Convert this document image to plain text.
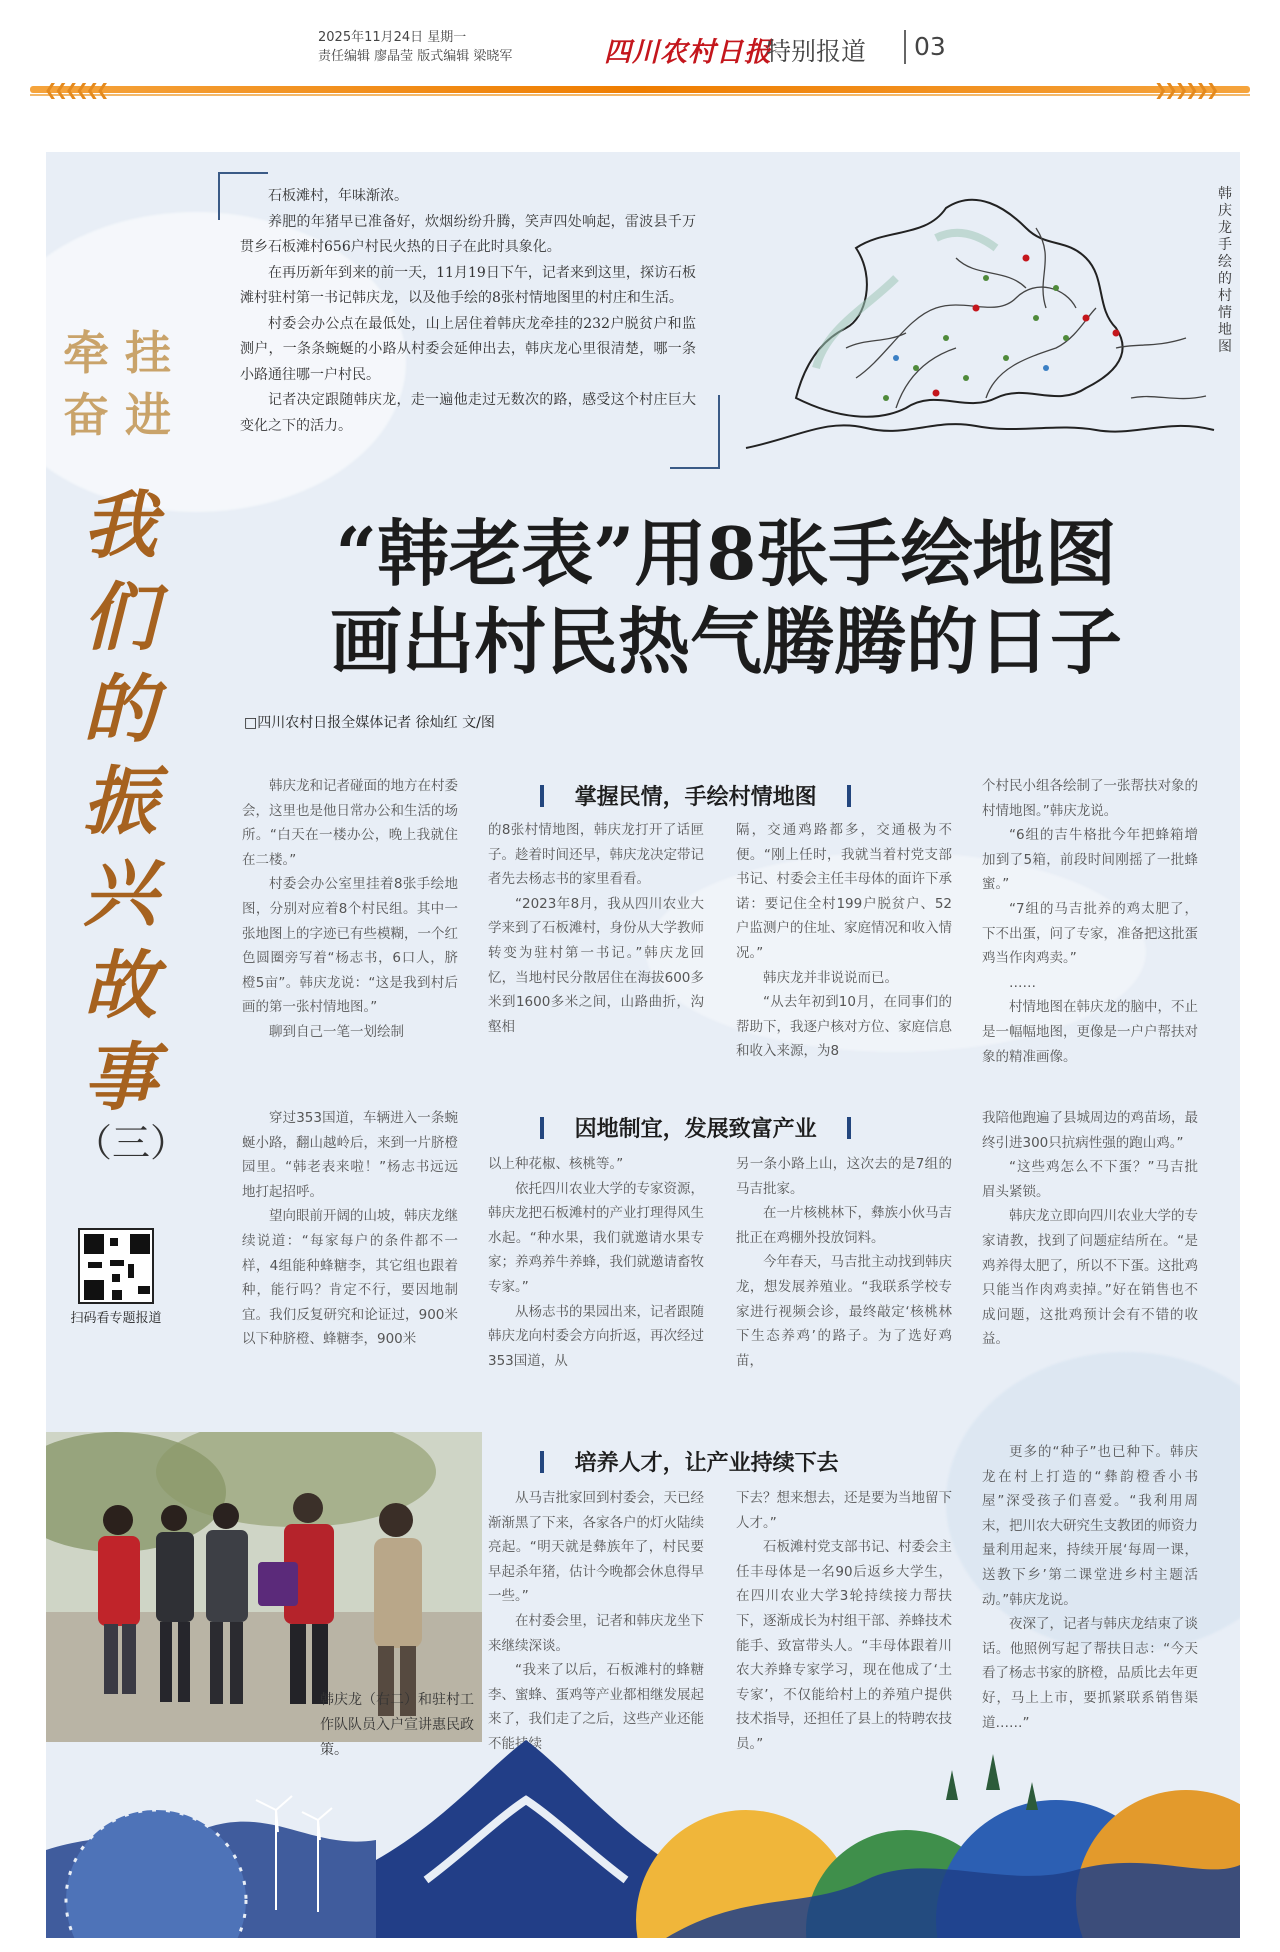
2025年11月24日 星期一
责任编辑 廖晶莹 版式编辑 梁晓军	四川农村日报
特别报道 03
❮❮❮❮❮❮	❯❯❯❯❯❯
牵 挂
奋 进
我们的振兴故事
（三）
扫码看专题报道

石板滩村，年味渐浓。

养肥的年猪早已准备好，炊烟纷纷升腾，笑声四处响起，雷波县千万贯乡石板滩村656户村民火热的日子在此时具象化。

在再历新年到来的前一天，11月19日下午，记者来到这里，探访石板滩村驻村第一书记韩庆龙，以及他手绘的8张村情地图里的村庄和生活。

村委会办公点在最低处，山上居住着韩庆龙牵挂的232户脱贫户和监测户，一条条蜿蜒的小路从村委会延伸出去，韩庆龙心里很清楚，哪一条小路通往哪一户村民。

记者决定跟随韩庆龙，走一遍他走过无数次的路，感受这个村庄巨大变化之下的活力。

韩庆龙手绘的村情地图
“韩老表”用8张手绘地图
画出村民热气腾腾的日子
□四川农村日报全媒体记者 徐灿红 文/图
掌握民情，手绘村情地图

韩庆龙和记者碰面的地方在村委会，这里也是他日常办公和生活的场所。“白天在一楼办公，晚上我就住在二楼。”

村委会办公室里挂着8张手绘地图，分别对应着8个村民组。其中一张地图上的字迹已有些模糊，一个红色圆圈旁写着“杨志书，6口人，脐橙5亩”。韩庆龙说：“这是我到村后画的第一张村情地图。”

聊到自己一笔一划绘制

的8张村情地图，韩庆龙打开了话匣子。趁着时间还早，韩庆龙决定带记者先去杨志书的家里看看。

“2023年8月，我从四川农业大学来到了石板滩村，身份从大学教师转变为驻村第一书记。”韩庆龙回忆，当地村民分散居住在海拔600多米到1600多米之间，山路曲折，沟壑相

隔，交通鸡路都多，交通极为不便。“刚上任时，我就当着村党支部书记、村委会主任丰母体的面许下承诺：要记住全村199户脱贫户、52户监测户的住址、家庭情况和收入情况。”

韩庆龙并非说说而已。

“从去年初到10月，在同事们的帮助下，我逐户核对方位、家庭信息和收入来源，为8

个村民小组各绘制了一张帮扶对象的村情地图。”韩庆龙说。

“6组的吉牛格批今年把蜂箱增加到了5箱，前段时间刚摇了一批蜂蜜。”

“7组的马吉批养的鸡太肥了，下不出蛋，问了专家，准备把这批蛋鸡当作肉鸡卖。”

……

村情地图在韩庆龙的脑中，不止是一幅幅地图，更像是一户户帮扶对象的精准画像。

因地制宜，发展致富产业

穿过353国道，车辆进入一条蜿蜒小路，翻山越岭后，来到一片脐橙园里。“韩老表来啦！”杨志书远远地打起招呼。

望向眼前开阔的山坡，韩庆龙继续说道：“每家每户的条件都不一样，4组能种蜂糖李，其它组也跟着种，能行吗？肯定不行，要因地制宜。我们反复研究和论证过，900米以下种脐橙、蜂糖李，900米

以上种花椒、核桃等。”

依托四川农业大学的专家资源，韩庆龙把石板滩村的产业打理得风生水起。“种水果，我们就邀请水果专家；养鸡养牛养蜂，我们就邀请畜牧专家。”

从杨志书的果园出来，记者跟随韩庆龙向村委会方向折返，再次经过353国道，从

另一条小路上山，这次去的是7组的马吉批家。

在一片核桃林下，彝族小伙马吉批正在鸡棚外投放饲料。

今年春天，马吉批主动找到韩庆龙，想发展养殖业。“我联系学校专家进行视频会诊，最终敲定‘核桃林下生态养鸡’的路子。为了选好鸡苗，

我陪他跑遍了县城周边的鸡苗场，最终引进300只抗病性强的跑山鸡。”

“这些鸡怎么不下蛋？”马吉批眉头紧锁。

韩庆龙立即向四川农业大学的专家请教，找到了问题症结所在。“是鸡养得太肥了，所以不下蛋。这批鸡只能当作肉鸡卖掉。”好在销售也不成问题，这批鸡预计会有不错的收益。

培养人才，让产业持续下去

从马吉批家回到村委会，天已经渐渐黑了下来，各家各户的灯火陆续亮起。“明天就是彝族年了，村民要早起杀年猪，估计今晚都会休息得早一些。”

在村委会里，记者和韩庆龙坐下来继续深谈。

“我来了以后，石板滩村的蜂糖李、蜜蜂、蛋鸡等产业都相继发展起来了，我们走了之后，这些产业还能不能持续

下去？想来想去，还是要为当地留下人才。”

石板滩村党支部书记、村委会主任丰母体是一名90后返乡大学生，在四川农业大学3轮持续接力帮扶下，逐渐成长为村组干部、养蜂技术能手、致富带头人。“丰母体跟着川农大养蜂专家学习，现在他成了‘土专家’，不仅能给村上的养殖户提供技术指导，还担任了县上的特聘农技员。”

更多的“种子”也已种下。韩庆龙在村上打造的“彝韵橙香小书屋”深受孩子们喜爱。“我利用周末，把川农大研究生支教团的师资力量利用起来，持续开展‘每周一课，送教下乡’第二课堂进乡村主题活动。”韩庆龙说。

夜深了，记者与韩庆龙结束了谈话。他照例写起了帮扶日志：“今天看了杨志书家的脐橙，品质比去年更好，马上上市，要抓紧联系销售渠道……”

韩庆龙（右二）和驻村工作队队员入户宣讲惠民政策。
